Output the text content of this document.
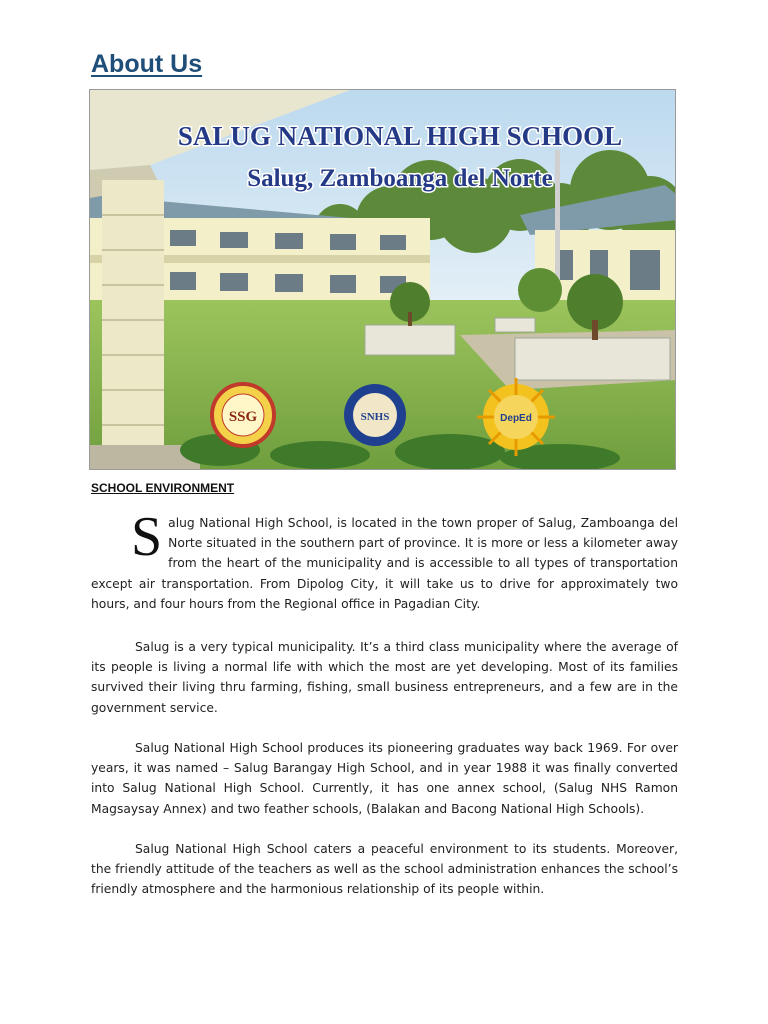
About Us
SALUG NATIONAL HIGH SCHOOL
Salug, Zamboanga del Norte
SSG	SNHS	DepEd
SCHOOL ENVIRONMENT

Salug National High School, is located in the town proper of Salug, Zamboanga del Norte situated in the southern part of province. It is more or less a kilometer away from the heart of the municipality and is accessible to all types of transportation except air transportation. From Dipolog City, it will take us to drive for approximately two hours, and four hours from the Regional office in Pagadian City.

Salug is a very typical municipality. It’s a third class municipality where the average of its people is living a normal life with which the most are yet developing. Most of its families survived their living thru farming, fishing, small business entrepreneurs, and a few are in the government service.

Salug National High School produces its pioneering graduates way back 1969. For over years, it was named – Salug Barangay High School, and in year 1988 it was finally converted into Salug National High School. Currently, it has one annex school, (Salug NHS Ramon Magsaysay Annex) and two feather schools, (Balakan and Bacong National High Schools).

Salug National High School caters a peaceful environment to its students. Moreover, the friendly attitude of the teachers as well as the school administration enhances the school’s friendly atmosphere and the harmonious relationship of its people within.
